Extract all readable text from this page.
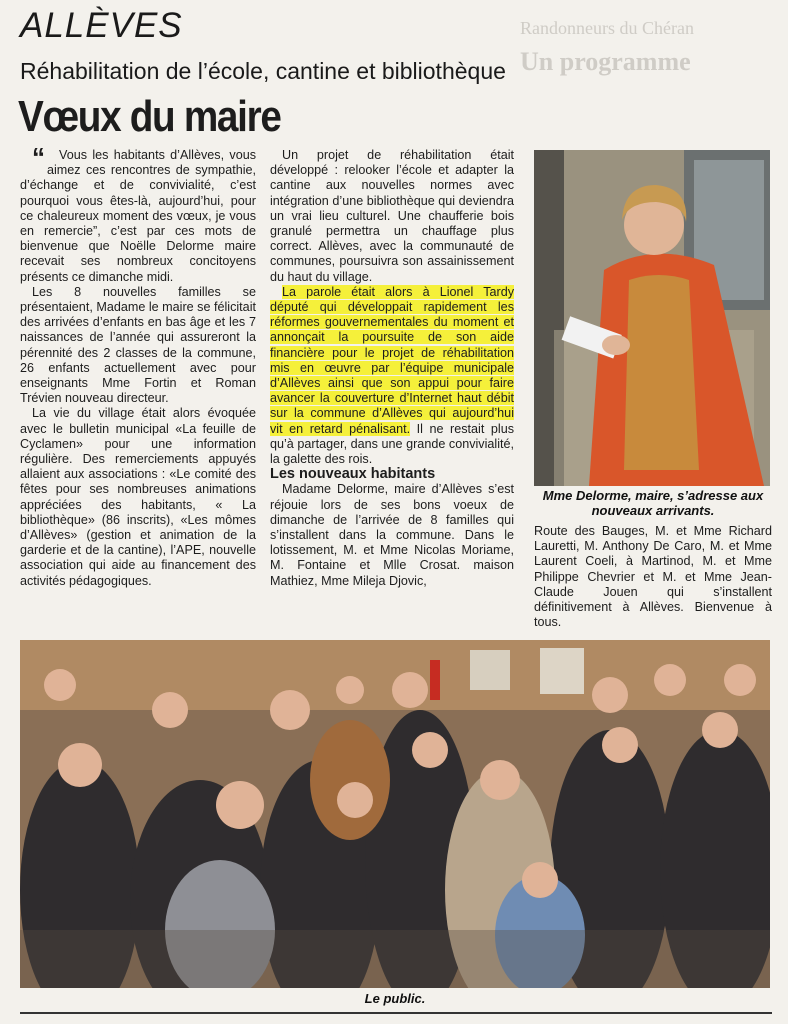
Randonneurs du Chéran
Un programme
ALLÈVES
Réhabilitation de l’école, cantine et bibliothèque
Vœux du maire

“ Vous les habitants d’Allèves, vous aimez ces rencontres de sympathie, d’échange et de convivialité, c’est pourquoi vous êtes-là, aujourd’hui, pour ce chaleureux moment des vœux, je vous en remercie”, c’est par ces mots de bienvenue que Noëlle Delorme maire recevait ses nombreux concitoyens présents ce dimanche midi.

Les 8 nouvelles familles se présentaient, Madame le maire se félicitait des arrivées d’enfants en bas âge et les 7 naissances de l’année qui assureront la pérennité des 2 classes de la commune, 26 enfants actuellement avec pour enseignants Mme Fortin et Roman Trévien nouveau directeur.

La vie du village était alors évoquée avec le bulletin municipal «La feuille de Cyclamen» pour une information régulière. Des remerciements appuyés allaient aux associations : «Le comité des fêtes pour ses nombreuses animations appréciées des habitants, « La bibliothèque» (86 inscrits), «Les mômes d’Allèves» (gestion et animation de la garderie et de la cantine), l’APE, nouvelle association qui aide au financement des activités pédagogiques.

Un projet de réhabilitation était développé : relooker l’école et adapter la cantine aux nouvelles normes avec intégration d’une bibliothèque qui deviendra un vrai lieu culturel. Une chaufferie bois granulé permettra un chauffage plus correct. Allèves, avec la communauté de communes, poursuivra son assainissement du haut du village.

La parole était alors à Lionel Tardy député qui développait rapidement les réformes gouvernementales du moment et annonçait la poursuite de son aide financière pour le projet de réhabilitation mis en œuvre par l’équipe municipale d’Allèves ainsi que son appui pour faire avancer la couverture d’Internet haut débit sur la commune d’Allèves qui aujourd’hui vit en retard pénalisant. Il ne restait plus qu’à partager, dans une grande convivialité, la galette des rois.

Les nouveaux habitants

Madame Delorme, maire d’Allèves s’est réjouie lors de ses bons voeux de dimanche de l’arrivée de 8 familles qui s’installent dans la commune. Dans le lotissement, M. et Mme Nicolas Moriame, M. Fontaine et Mlle Crosat. maison Mathiez, Mme Mileja Djovic,

Mme Delorme, maire, s’adresse aux nouveaux arrivants.

Route des Bauges, M. et Mme Richard Lauretti, M. Anthony De Caro, M. et Mme Laurent Coeli, à Martinod, M. et Mme Philippe Chevrier et M. et Mme Jean-Claude Jouen qui s’installent définitivement à Allèves. Bienvenue à tous.

Le public.
